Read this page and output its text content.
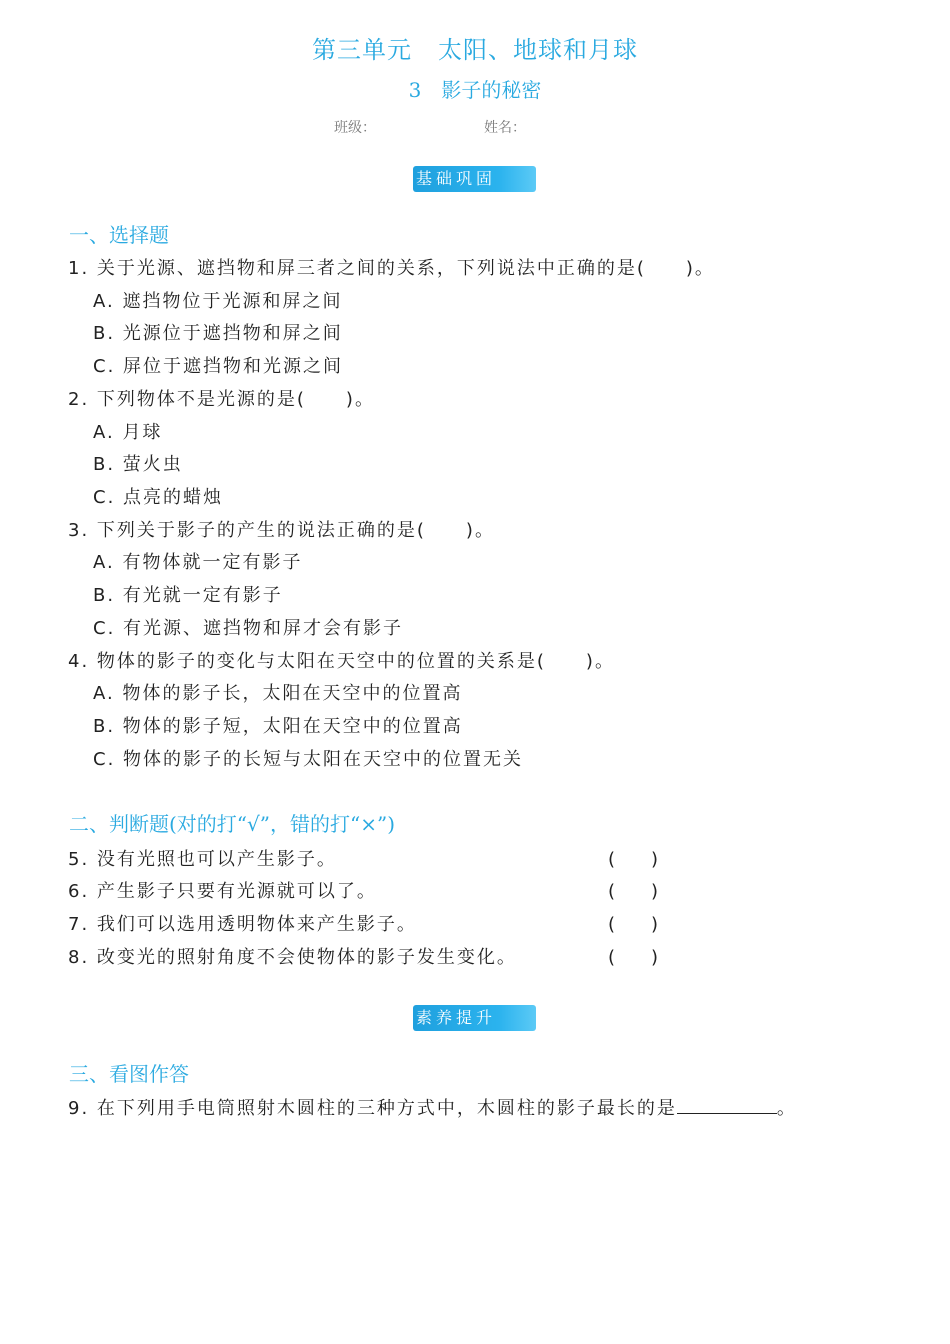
第三单元 太阳、地球和月球
3 影子的秘密
班级：	姓名：
基础巩固
一、选择题
1. 关于光源、遮挡物和屏三者之间的关系，下列说法中正确的是(　　)。
A. 遮挡物位于光源和屏之间
B. 光源位于遮挡物和屏之间
C. 屏位于遮挡物和光源之间
2. 下列物体不是光源的是(　　)。
A. 月球
B. 萤火虫
C. 点亮的蜡烛
3. 下列关于影子的产生的说法正确的是(　　)。
A. 有物体就一定有影子
B. 有光就一定有影子
C. 有光源、遮挡物和屏才会有影子
4. 物体的影子的变化与太阳在天空中的位置的关系是(　　)。
A. 物体的影子长，太阳在天空中的位置高
B. 物体的影子短，太阳在天空中的位置高
C. 物体的影子的长短与太阳在天空中的位置无关
二、判断题(对的打“√”，错的打“×”)
5. 没有光照也可以产生影子。	(　　)
6. 产生影子只要有光源就可以了。	(　　)
7. 我们可以选用透明物体来产生影子。	(　　)
8. 改变光的照射角度不会使物体的影子发生变化。	(　　)
素养提升
三、看图作答
9. 在下列用手电筒照射木圆柱的三种方式中，木圆柱的影子最长的是	。
